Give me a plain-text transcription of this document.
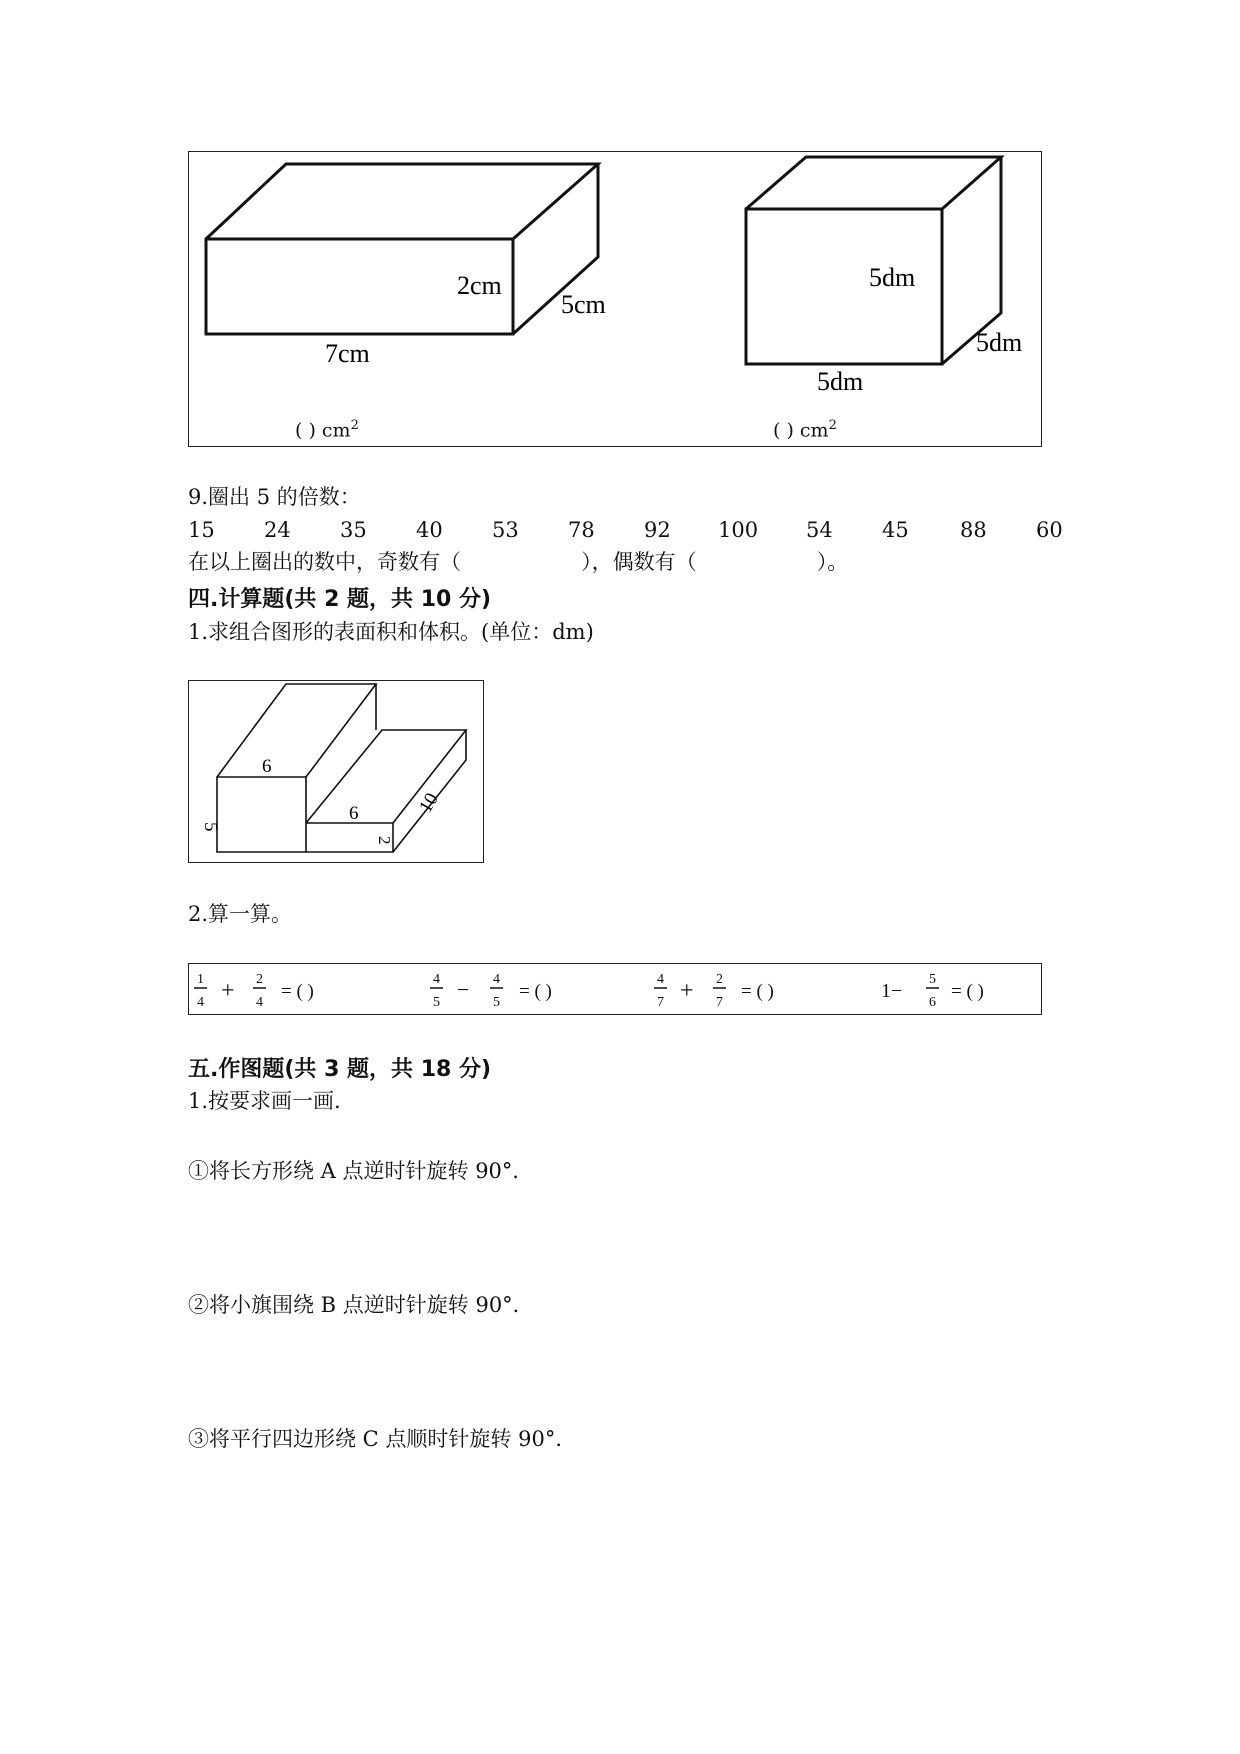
2cm
5cm
7cm
5dm
5dm
5dm
( ) $cm^2$	( ) $cm^2$
9.圈出 5 的倍数：
15 24 35 40 53 78 92 100 54 45 88 60
在以上圈出的数中，奇数有（                  ），偶数有（                  ）。
四.计算题(共 2 题，共 10 分)
1.求组合图形的表面积和体积。(单位：dm)
6
5
6
2
10
2.算一算。
1
4 + 2
4
= ( )
4
5
− 4
5
= ( )
4
7 + 2
7
= ( )	1−
5
6
= ( )
五.作图题(共 3 题，共 18 分)
1.按要求画一画.
①将长方形绕 A 点逆时针旋转 90°．
②将小旗围绕 B 点逆时针旋转 90°．
③将平行四边形绕 C 点顺时针旋转 90°．
